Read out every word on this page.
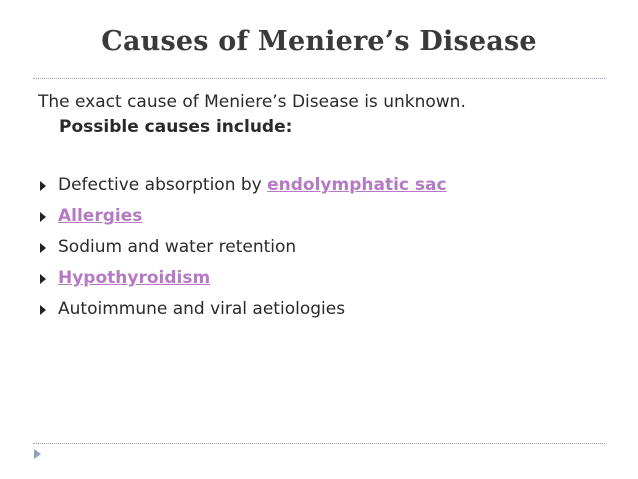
Causes of Meniere’s Disease

The exact cause of Meniere’s Disease is unknown.
Possible causes include:

Defective absorption by endolymphatic sac
Allergies
Sodium and water retention
Hypothyroidism
Autoimmune and viral aetiologies
